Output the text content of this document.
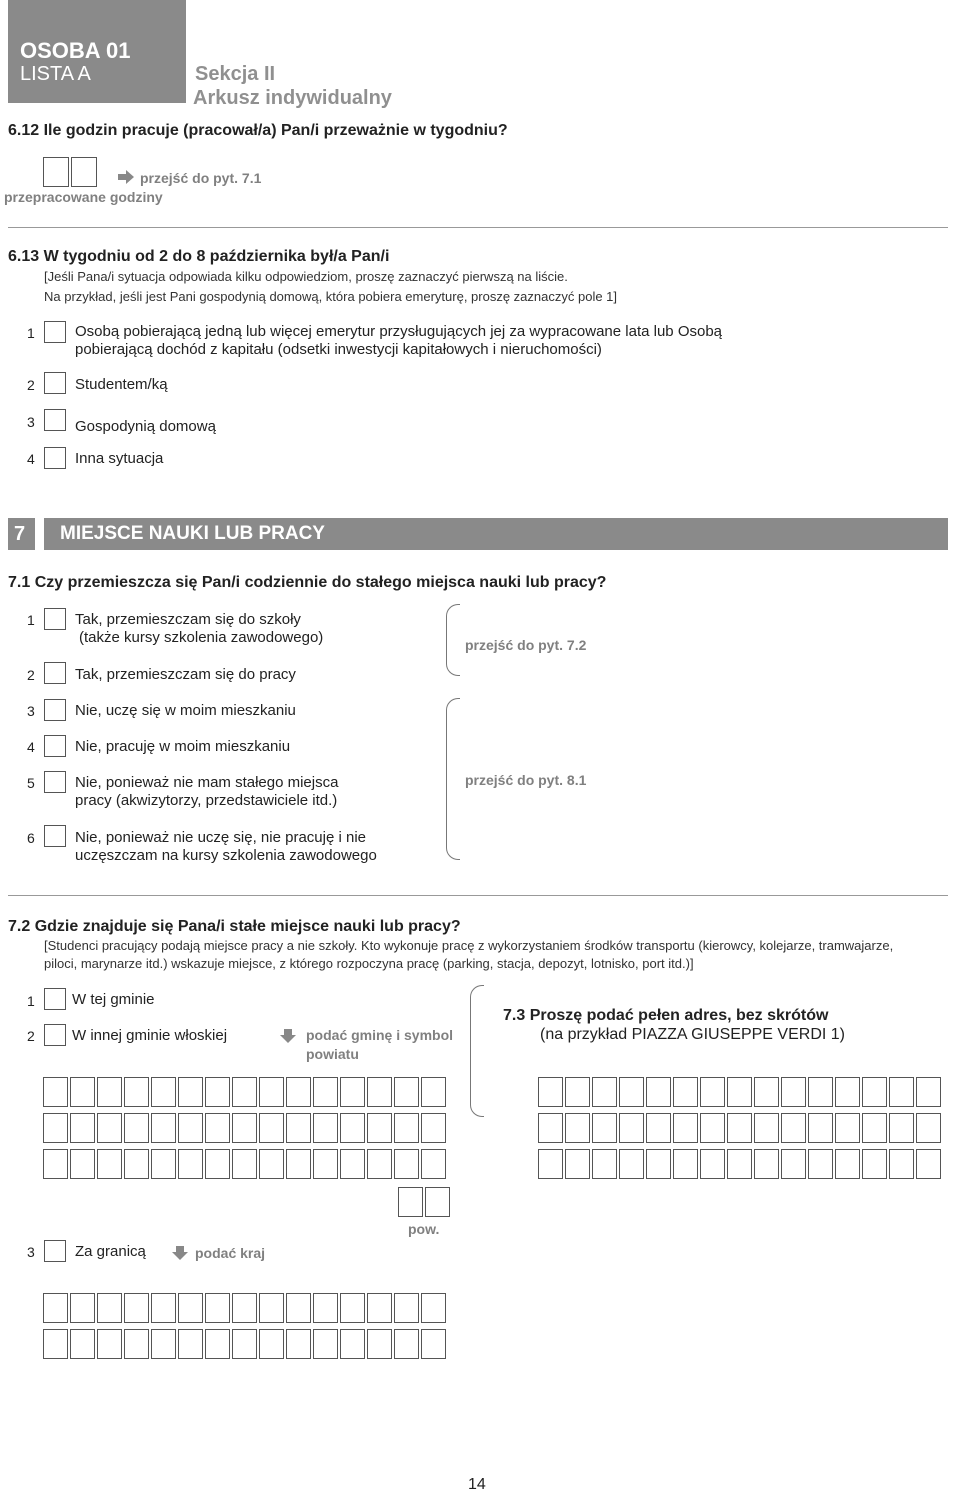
OSOBA 01
LISTA A	Sekcja II
Arkusz indywidualny
6.12 Ile godzin pracuje (pracował/a) Pan/i przeważnie w tygodniu?
przejść do pyt. 7.1
przepracowane godziny
6.13 W tygodniu od 2 do 8 października był/a Pan/i
[Jeśli Pana/i sytuacja odpowiada kilku odpowiedziom, proszę zaznaczyć pierwszą na liście.
Na przykład, jeśli jest Pani gospodynią domową, która pobiera emeryturę, proszę zaznaczyć pole 1]
1	Osobą pobierającą jedną lub więcej emerytur przysługujących jej za wypracowane lata lub Osobą
pobierającą dochód z kapitału (odsetki inwestycji kapitałowych i nieruchomości)
2	Studentem/ką
3	Gospodynią domową
4	Inna sytuacja
7 MIEJSCE NAUKI LUB PRACY
7.1 Czy przemieszcza się Pan/i codziennie do stałego miejsca nauki lub pracy?
1	Tak, przemieszczam się do szkoły
(także kursy szkolenia zawodowego)
2	Tak, przemieszczam się do pracy
3	Nie, uczę się w moim mieszkaniu
4	Nie, pracuję w moim mieszkaniu
5	Nie, ponieważ nie mam stałego miejsca
pracy (akwizytorzy, przedstawiciele itd.)
6	Nie, ponieważ nie uczę się, nie pracuję i nie
uczęszczam na kursy szkolenia zawodowego
przejść do pyt. 7.2
przejść do pyt. 8.1
7.2 Gdzie znajduje się Pana/i stałe miejsce nauki lub pracy?
[Studenci pracujący podają miejsce pracy a nie szkoły. Kto wykonuje pracę z wykorzystaniem środków transportu (kierowcy, kolejarze, tramwajarze,
piloci, marynarze itd.) wskazuje miejsce, z którego rozpoczyna pracę (parking, stacja, depozyt, lotnisko, port itd.)]
1 W tej gminie
2 W innej gminie włoskiej	podać gminę i symbol
powiatu
7.3 Proszę podać pełen adres, bez skrótów
(na przykład PIAZZA GIUSEPPE VERDI 1)
pow.
3	Za granicą	podać kraj
14
